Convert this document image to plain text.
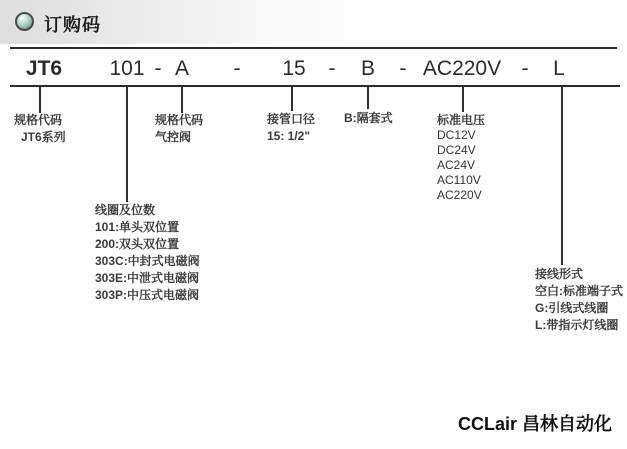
订购码
JT6 101 - A - 15 - B - AC220V - L
规格代码
JT6系列
线圈及位数
101:单头双位置
200:双头双位置
303C:中封式电磁阀
303E:中泄式电磁阀
303P:中压式电磁阀
规格代码
气控阀
接管口径
15: 1/2"
B:隔套式	标准电压
DC12V
DC24V
AC24V
AC110V
AC220V
接线形式
空白:标准端子式
G:引线式线圈
L:带指示灯线圈
CCLair 昌林自动化
